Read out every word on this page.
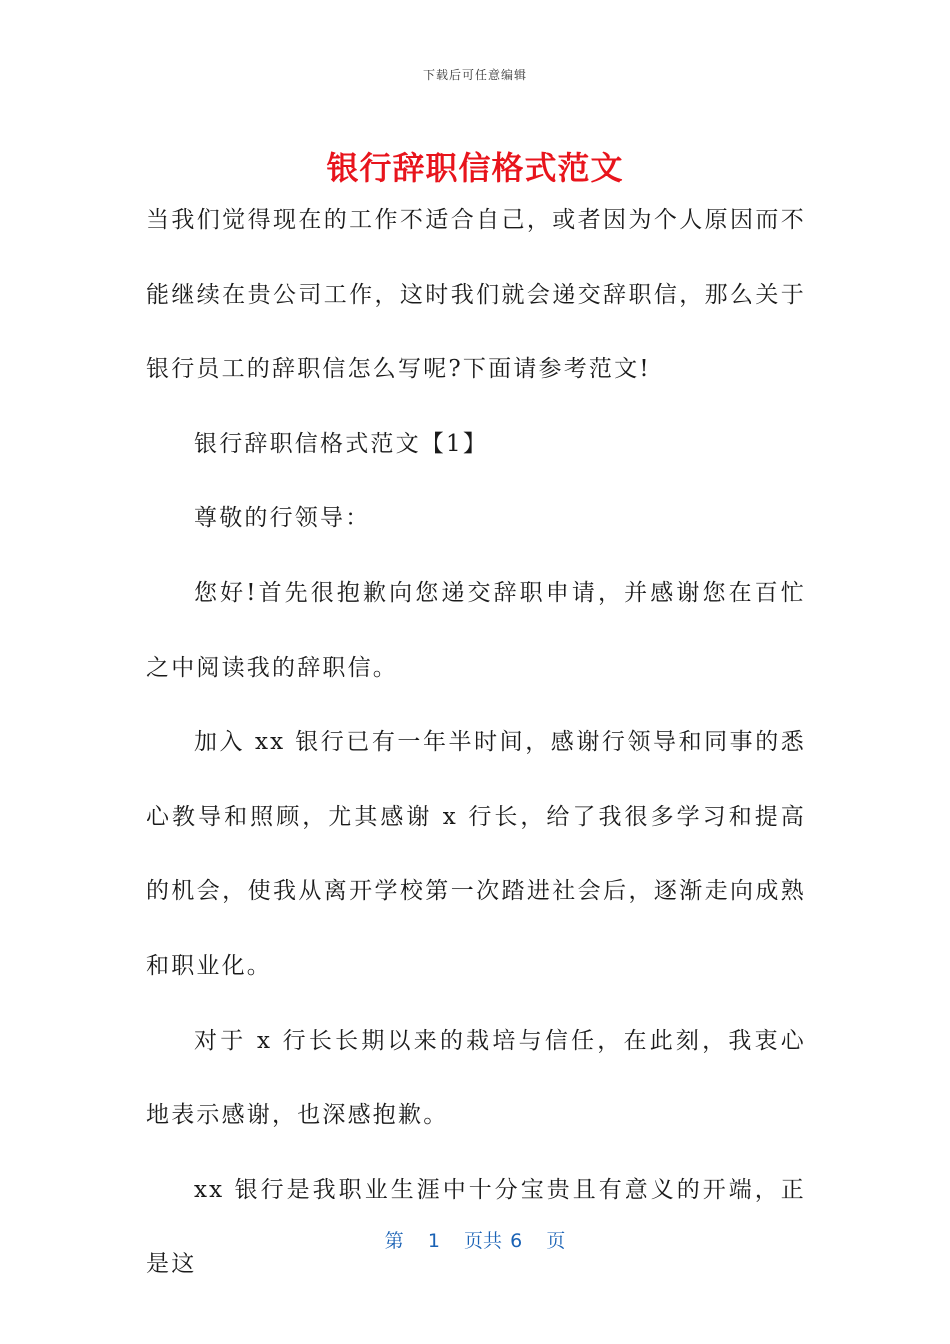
下载后可任意编辑
银行辞职信格式范文

当我们觉得现在的工作不适合自己，或者因为个人原因而不能继续在贵公司工作，这时我们就会递交辞职信，那么关于银行员工的辞职信怎么写呢?下面请参考范文!

银行辞职信格式范文【1】

尊敬的行领导：

您好!首先很抱歉向您递交辞职申请，并感谢您在百忙之中阅读我的辞职信。

加入 xx 银行已有一年半时间，感谢行领导和同事的悉心教导和照顾，尤其感谢 x 行长，给了我很多学习和提高的机会，使我从离开学校第一次踏进社会后，逐渐走向成熟和职业化。

对于 x 行长长期以来的栽培与信任，在此刻，我衷心地表示感谢，也深感抱歉。

xx 银行是我职业生涯中十分宝贵且有意义的开端，正是这

第 1 页共 6 页
